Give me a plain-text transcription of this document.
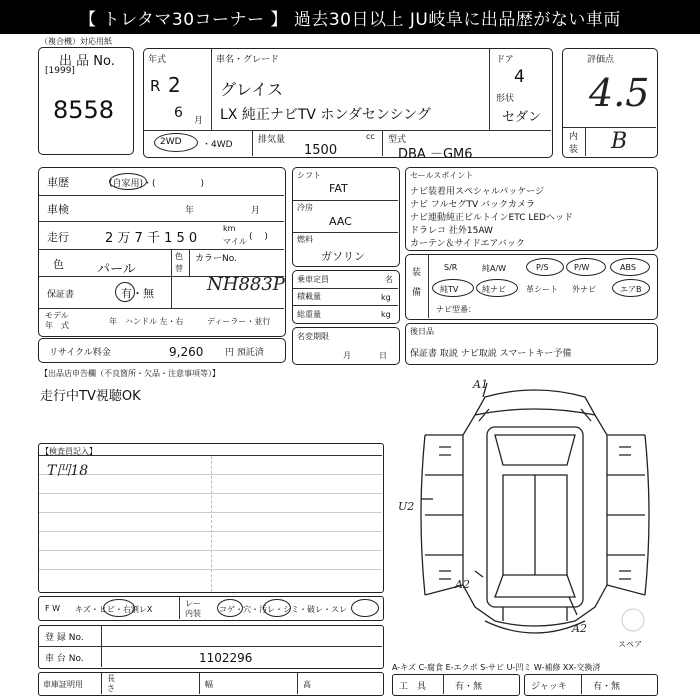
【 トレタマ30コーナー 】 過去30日以上 JU岐阜に出品歴がない車両
（複合機）対応用紙
出 品 No.
[1999]
8558
年式
R 2
6 月
車名・グレード
グレイス
LX 純正ナビTV ホンダセンシング
ドア
4
形状
セダン
2WD ・4WD	排気量	cc
1500
型式
DBA －GM6
評価点
4.5
内
装 B
車歴	(自家用)・(　　　　　)
車検	年	月
走行	2 万 7 千 1 5 0
km
マイル (　 )
色	パール
色
替
カラーNo.
NH883P
保証書	有・無
モデル
年　式	年 ハンドル 左・右	ディーラー・並行
リサイクル料金	9,260 円 預託済
シフト
FAT
冷房
AAC
燃料
ガソリン
乗車定員	名
積載量	kg
総重量	kg
名変期限
月	日
セールスポイント
ナビ装着用スペシャルパッケージ
ナビ フルセグTV バックカメラ
ナビ連動純正ビルトインETC LEDヘッド
ドラレコ 社外15AW
カーテン＆サイドエアバック
装
備
S/R	純A/W	P/S	P/W	ABS
純TV	純ナビ	革シート 外ナビ	エアB
ナビ型番：
後日品
保証書 取説 ナビ取説 スマートキー予備
【出品店申告欄（不良箇所・欠品・注意事項等）】
走行中TV視聴OK
【検査員記入】
T凹18
A1
U2
A2
A2
スペア
F W キズ・ヒビ・右割レX
レー
内装 コゲ・穴・汚レ・シミ・破レ・スレ
登 録 No.
車 台 No.	1102296
車庫証明用
長
さ	幅	高
A-キズ C-腐食 E-エクボ S-サビ U-凹ミ W-補修 XX-交換済
工　具	有・無	ジャッキ	有・無
